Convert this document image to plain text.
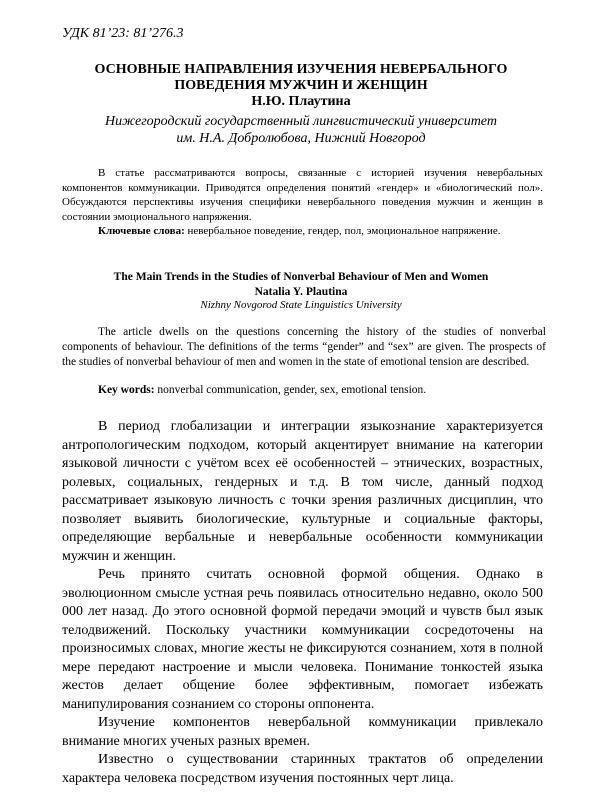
УДК 81’23: 81’276.3
ОСНОВНЫЕ НАПРАВЛЕНИЯ ИЗУЧЕНИЯ НЕВЕРБАЛЬНОГО
ПОВЕДЕНИЯ МУЖЧИН И ЖЕНЩИН
Н.Ю. Плаутина
Нижегородский государственный лингвистический университет
им. Н.А. Добролюбова, Нижний Новгород
В статье рассматриваются вопросы, связанные с историей изучения невербальных компонентов коммуникации. Приводятся определения понятий «гендер» и «биологический пол». Обсуждаются перспективы изучения специфики невербального поведения мужчин и женщин в состоянии эмоционального напряжения.
Ключевые слова: невербальное поведение, гендер, пол, эмоциональное напряжение.
The Main Trends in the Studies of Nonverbal Behaviour of Men and Women
Natalia Y. Plautina
Nizhny Novgorod State Linguistics University
The article dwells on the questions concerning the history of the studies of nonverbal components of behaviour. The definitions of the terms “gender” and “sex” are given. The prospects of the studies of nonverbal behaviour of men and women in the state of emotional tension are described.
Key words: nonverbal communication, gender, sex, emotional tension.

В период глобализации и интеграции языкознание характеризуется антропологическим подходом, который акцентирует внимание на категории языковой личности с учётом всех её особенностей – этнических, возрастных, ролевых, социальных, гендерных и т.д. В том числе, данный подход рассматривает языковую личность с точки зрения различных дисциплин, что позволяет выявить биологические, культурные и социальные факторы, определяющие вербальные и невербальные особенности коммуникации мужчин и женщин.

Речь принято считать основной формой общения. Однако в эволюционном смысле устная речь появилась относительно недавно, около 500 000 лет назад. До этого основной формой передачи эмоций и чувств был язык телодвижений. Поскольку участники коммуникации сосредоточены на произносимых словах, многие жесты не фиксируются сознанием, хотя в полной мере передают настроение и мысли человека. Понимание тонкостей языка жестов делает общение более эффективным, помогает избежать манипулирования сознанием со стороны оппонента.

Изучение компонентов невербальной коммуникации привлекало внимание многих ученых разных времен.

Известно о существовании старинных трактатов об определении характера человека посредством изучения постоянных черт лица.
